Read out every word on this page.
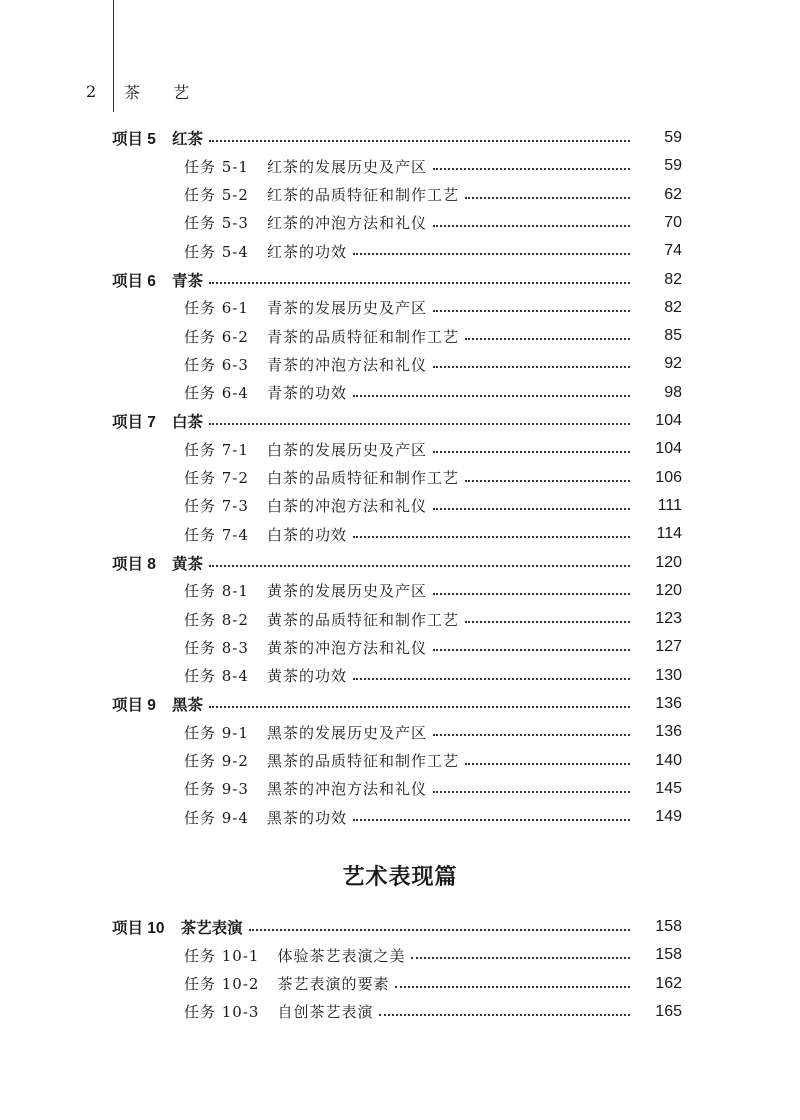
2	茶 艺
项目 5 红茶	59
任务 5-1 红茶的发展历史及产区	59
任务 5-2 红茶的品质特征和制作工艺	62
任务 5-3 红茶的冲泡方法和礼仪	70
任务 5-4 红茶的功效	74
项目 6 青茶	82
任务 6-1 青茶的发展历史及产区	82
任务 6-2 青茶的品质特征和制作工艺	85
任务 6-3 青茶的冲泡方法和礼仪	92
任务 6-4 青茶的功效	98
项目 7 白茶	104
任务 7-1 白茶的发展历史及产区	104
任务 7-2 白茶的品质特征和制作工艺	106
任务 7-3 白茶的冲泡方法和礼仪	111
任务 7-4 白茶的功效	114
项目 8 黄茶	120
任务 8-1 黄茶的发展历史及产区	120
任务 8-2 黄茶的品质特征和制作工艺	123
任务 8-3 黄茶的冲泡方法和礼仪	127
任务 8-4 黄茶的功效	130
项目 9 黑茶	136
任务 9-1 黑茶的发展历史及产区	136
任务 9-2 黑茶的品质特征和制作工艺	140
任务 9-3 黑茶的冲泡方法和礼仪	145
任务 9-4 黑茶的功效	149
项目 10 茶艺表演	158
任务 10-1 体验茶艺表演之美	158
任务 10-2 茶艺表演的要素	162
任务 10-3 自创茶艺表演	165
艺术表现篇
